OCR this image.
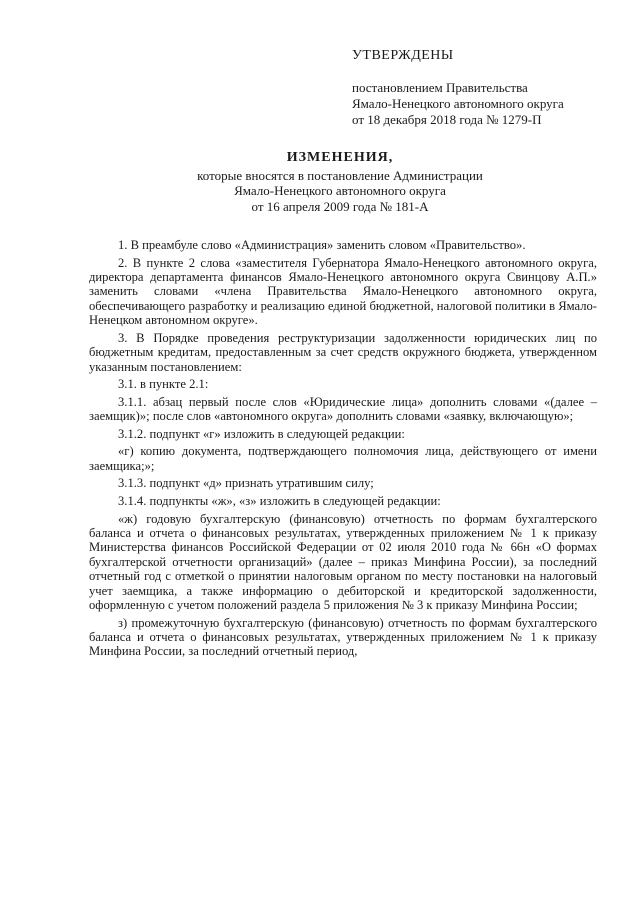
УТВЕРЖДЕНЫ
постановлением Правительства
Ямало-Ненецкого автономного округа
от 18 декабря 2018 года № 1279-П
ИЗМЕНЕНИЯ,
которые вносятся в постановление Администрации
Ямало-Ненецкого автономного округа
от 16 апреля 2009 года № 181-А

1. В преамбуле слово «Администрация» заменить словом «Правительство».

2. В пункте 2 слова «заместителя Губернатора Ямало-Ненецкого автономного округа, директора департамента финансов Ямало-Ненецкого автономного округа Свинцову А.П.» заменить словами «члена Правительства Ямало-Ненецкого автономного округа, обеспечивающего разработку и реализацию единой бюджетной, налоговой политики в Ямало-Ненецком автономном округе».

3. В Порядке проведения реструктуризации задолженности юридических лиц по бюджетным кредитам, предоставленным за счет средств окружного бюджета, утвержденном указанным постановлением:

3.1. в пункте 2.1:

3.1.1. абзац первый после слов «Юридические лица» дополнить словами «(далее – заемщик)»; после слов «автономного округа» дополнить словами «заявку, включающую»;

3.1.2. подпункт «г» изложить в следующей редакции:

«г) копию документа, подтверждающего полномочия лица, действующего от имени заемщика;»;

3.1.3. подпункт «д» признать утратившим силу;

3.1.4. подпункты «ж», «з» изложить в следующей редакции:

«ж) годовую бухгалтерскую (финансовую) отчетность по формам бухгалтерского баланса и отчета о финансовых результатах, утвержденных приложением № 1 к приказу Министерства финансов Российской Федерации от 02 июля 2010 года № 66н «О формах бухгалтерской отчетности организаций» (далее – приказ Минфина России), за последний отчетный год с отметкой о принятии налоговым органом по месту постановки на налоговый учет заемщика, а также информацию о дебиторской и кредиторской задолженности, оформленную с учетом положений раздела 5 приложения № 3 к приказу Минфина России;

з) промежуточную бухгалтерскую (финансовую) отчетность по формам бухгалтерского баланса и отчета о финансовых результатах, утвержденных приложением № 1 к приказу Минфина России, за последний отчетный период,
